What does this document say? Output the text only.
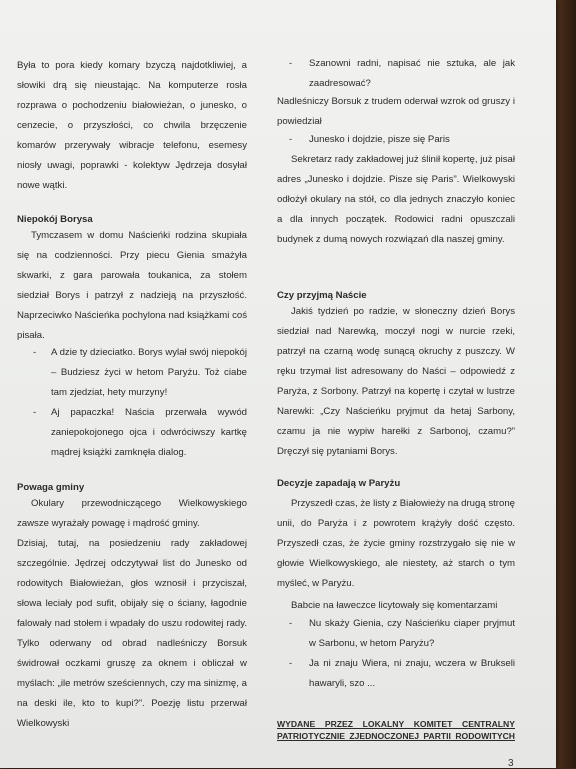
Była to pora kiedy komary bzyczą najdotkliwiej, a słowiki drą się nieustając. Na komputerze rosła rozprawa o pochodzeniu białowieżan, o junesko, o cenzecie, o przyszłości, co chwila brzęczenie komarów przerywały wibracje telefonu, esemesy niosły uwagi, poprawki - kolektyw Jędrzeja dosyłał nowe wątki.

Niepokój Borysa

Tymczasem w domu Naścieńki rodzina skupiała się na codzienności. Przy piecu Gienia smażyła skwarki, z gara parowała toukanica, za stołem siedział Borys i patrzył z nadzieją na przyszłość. Naprzeciwko Naścieńka pochylona nad książkami coś pisała.

- A dzie ty dzieciatko. Borys wylał swój niepokój – Budziesz życi w hetom Paryżu. Toż ciabe tam zjedziat, hety murzyny!
- Aj papaczka! Naścia przerwała wywód zaniepokojonego ojca i odwróciwszy kartkę mądrej książki zamknęła dialog.

Powaga gminy

Okulary przewodniczącego Wielkowyskiego zawsze wyrażały powagę i mądrość gminy.

Dzisiaj, tutaj, na posiedzeniu rady zakładowej szczególnie. Jędrzej odczytywał list do Junesko od rodowitych Białowieżan, głos wznosił i przyciszał, słowa leciały pod sufit, obijały się o ściany, łagodnie falowały nad stołem i wpadały do uszu rodowitej rady. Tylko oderwany od obrad nadleśniczy Borsuk świdrował oczkami gruszę za oknem i obliczał w myślach: „ile metrów sześciennych, czy ma sinizmę, a na deski ile, kto to kupi?”. Poezję listu przerwał Wielkowyski

- Szanowni radni, napisać nie sztuka, ale jak zaadresować?

Nadleśniczy Borsuk z trudem oderwał wzrok od gruszy i powiedział

- Junesko i dojdzie, pisze się Paris

Sekretarz rady zakładowej już ślinił kopertę, już pisał adres „Junesko i dojdzie. Pisze się Paris”. Wielkowyski odłożył okulary na stół, co dla jednych znaczyło koniec a dla innych początek. Rodowici radni opuszczali budynek z dumą nowych rozwiązań dla naszej gminy.

Czy przyjmą Naście

Jakiś tydzień po radzie, w słoneczny dzień Borys siedział nad Narewką, moczył nogi w nurcie rzeki, patrzył na czarną wodę sunącą okruchy z puszczy. W ręku trzymał list adresowany do Naści – odpowiedź z Paryża, z Sorbony. Patrzył na kopertę i czytał w lustrze Narewki: „Czy Naścieńku pryjmut da hetaj Sarbony, czamu ja nie wypiw harełki z Sarbonoj, czamu?” Dręczył się pytaniami Borys.

Decyzje zapadają w Paryżu

Przyszedł czas, że listy z Białowieży na drugą stronę unii, do Paryża i z powrotem krążyły dość często. Przyszedł czas, że życie gminy rozstrzygało się nie w głowie Wielkowyskiego, ale niestety, aż starch o tym myśleć, w Paryżu.

Babcie na ławeczce licytowały się komentarzami

- Nu skaży Gienia, czy Naścieńku ciaper pryjmut w Sarbonu, w hetom Paryżu?
- Ja ni znaju Wiera, ni znaju, wczera w Brukseli hawaryli, szo ...

WYDANE PRZEZ LOKALNY KOMITET CENTRALNY PATRIOTYCZNIE ZJEDNOCZONEJ PARTII RODOWITYCH

3
